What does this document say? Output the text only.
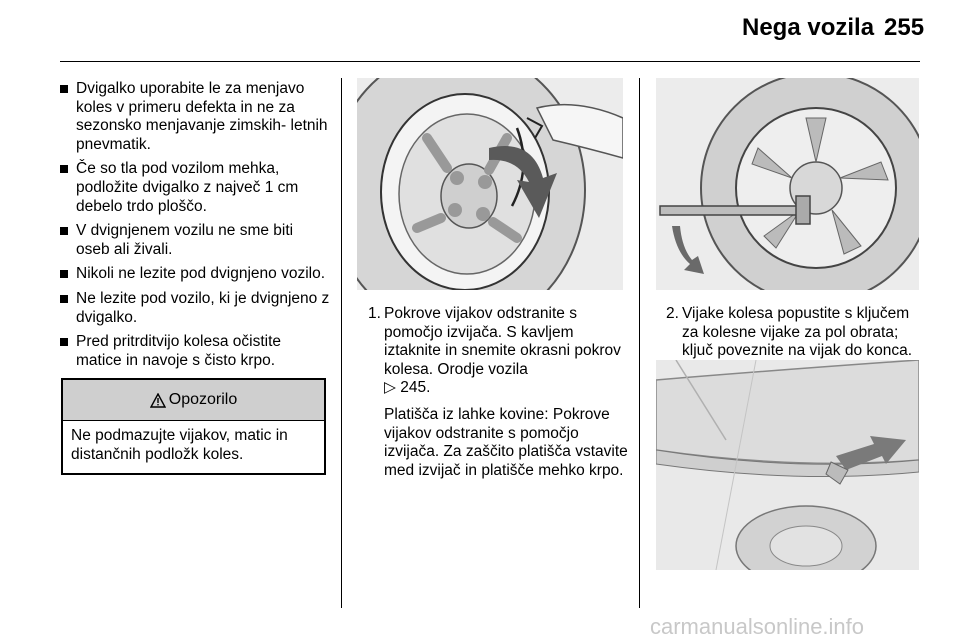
Nega vozila 255
Dvigalko uporabite le za menjavo koles v primeru defekta in ne za sezonsko menjavanje zimskih- letnih pnevmatik.
Če so tla pod vozilom mehka, podložite dvigalko z največ 1 cm debelo trdo ploščo.
V dvignjenem vozilu ne sme biti oseb ali živali.
Nikoli ne lezite pod dvignjeno vozilo.
Ne lezite pod vozilo, ki je dvignjeno z dvigalko.
Pred pritrditvijo kolesa očistite matice in navoje s čisto krpo.
Opozorilo
Ne podmazujte vijakov, matic in distančnih podložk koles.
1. Pokrove vijakov odstranite s pomočjo izvijača. S kavljem iztaknite in snemite okrasni pokrov kolesa. Orodje vozila
▷ 245.

Platišča iz lahke kovine: Pokrove vijakov odstranite s pomočjo izvijača. Za zaščito platišča vstavite med izvijač in platišče mehko krpo.

2. Vijake kolesa popustite s ključem za kolesne vijake za pol obrata; ključ poveznite na vijak do konca.
carmanualsonline.info
